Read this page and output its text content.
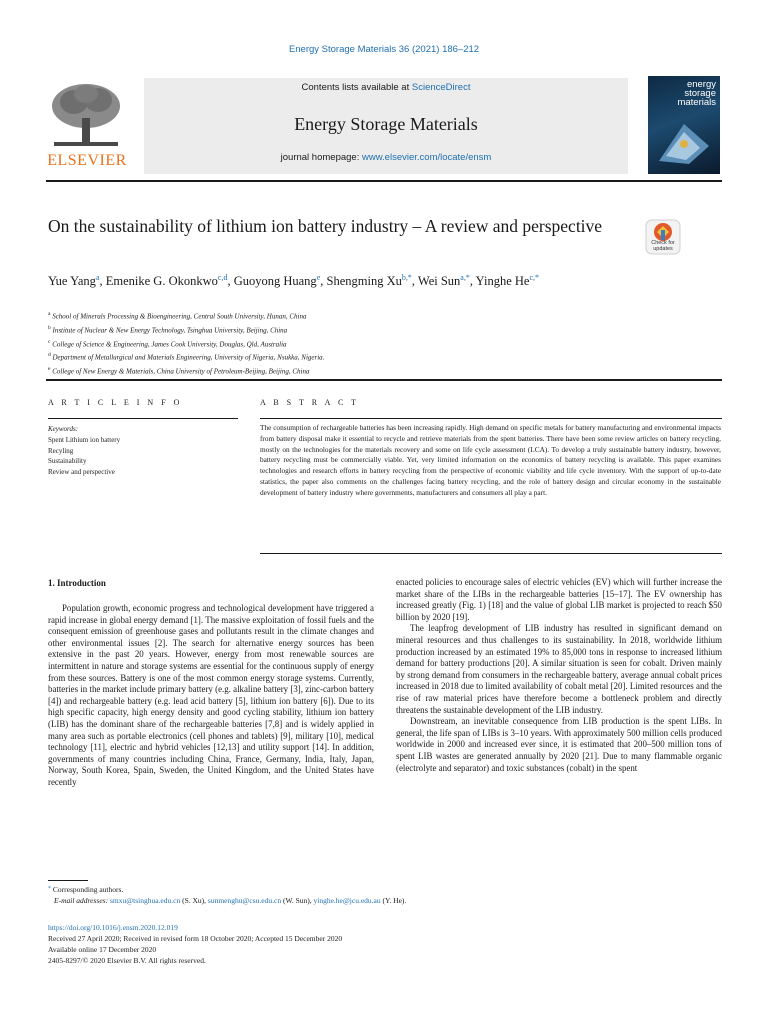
Energy Storage Materials 36 (2021) 186–212
ELSEVIER
Contents lists available at ScienceDirect
Energy Storage Materials
journal homepage: www.elsevier.com/locate/ensm
energy
storage
materials
On the sustainability of lithium ion battery industry – A review and perspective
Check for
updates
Yue Yang$^a$, Emenike G. Okonkwo$^{c,d}$, Guoyong Huang$^e$, Shengming $Xu^{b,*}$, Wei Sun$^{a,*}$, Yinghe $He^{c,*}$
$^a$ School of Minerals Processing & Bioengineering, Central South University, Hunan, China
$^b$ Institute of Nuclear & New Energy Technology, Tsinghua University, Beijing, China
$^c$ College of Science & Engineering, James Cook University, Douglas, Qld, Australia
$^d$ Department of Metallurgical and Materials Engineering, University of Nigeria, Nsukka, Nigeria.
$^e$ College of New Energy & Materials, China University of Petroleum-Beijing, Beijing, China
A R T I C L E I N F O
Keywords:
Spent Lithium ion battery
Recyling
Sustainability
Review and perspective
A B S T R A C T
The consumption of rechargeable batteries has been increasing rapidly. High demand on specific metals for battery manufacturing and environmental impacts from battery disposal make it essential to recycle and retrieve materials from the spent batteries. There have been some review articles on battery recycling, mostly on the technologies for the materials recovery and some on life cycle assessment (LCA). To develop a truly sustainable battery industry, however, battery recycling must be commercially viable. Yet, very limited information on the economics of battery recycling is available. This paper examines technologies and research efforts in battery recycling from the perspective of economic viability and life cycle inventory. With the support of up-to-date statistics, the paper also comments on the challenges facing battery recycling, and the role of battery design and circular economy in the sustainable development of battery industry where governments, manufacturers and consumers all play a part.
1. Introduction

Population growth, economic progress and technological development have triggered a rapid increase in global energy demand [1]. The massive exploitation of fossil fuels and the consequent emission of greenhouse gases and pollutants result in the climate changes and other environmental issues [2]. The search for alternative energy sources has been extensive in the past 20 years. However, energy from most renewable sources are intermittent in nature and storage systems are essential for the continuous supply of energy from these sources. Battery is one of the most common energy storage systems. Currently, batteries in the market include primary battery (e.g. alkaline battery [3], zinc-carbon battery [4]) and rechargeable battery (e.g. lead acid battery [5], lithium ion battery [6]). Due to its high specific capacity, high energy density and good cycling stability, lithium ion battery (LIB) has the dominant share of the rechargeable batteries [7,8] and is widely applied in many area such as portable electronics (cell phones and tablets) [9], military [10], medical technology [11], electric and hybrid vehicles [12,13] and utility support [14]. In addition, governments of many countries including China, France, Germany, India, Italy, Japan, Norway, South Korea, Spain, Sweden, the United Kingdom, and the United States have recently

enacted policies to encourage sales of electric vehicles (EV) which will further increase the market share of the LIBs in the rechargeable batteries [15–17]. The EV ownership has increased greatly (Fig. 1) [18] and the value of global LIB market is projected to reach $50 billion by 2020 [19].

The leapfrog development of LIB industry has resulted in significant demand on mineral resources and thus challenges to its sustainability. In 2018, worldwide lithium production increased by an estimated 19% to 85,000 tons in response to increased lithium demand for battery productions [20]. A similar situation is seen for cobalt. Driven mainly by strong demand from consumers in the rechargeable battery, average annual cobalt prices increased in 2018 due to limited availability of cobalt metal [20]. Limited resources and the rise of raw material prices have therefore become a bottleneck problem and directly threatens the sustainable development of the LIB industry.

Downstream, an inevitable consequence from LIB production is the spent LIBs. In general, the life span of LIBs is 3–10 years. With approximately 500 million cells produced worldwide in 2000 and increased ever since, it is estimated that 200–500 million tons of spent LIB wastes are generated annually by 2020 [21]. Due to many flammable organic (electrolyte and separator) and toxic substances (cobalt) in the spent

* Corresponding authors.
E-mail addresses: smxu@tsinghua.edu.cn (S. Xu), sunmenghu@csu.edu.cn (W. Sun), yinghe.he@jcu.edu.au (Y. He).
https://doi.org/10.1016/j.ensm.2020.12.019
Received 27 April 2020; Received in revised form 18 October 2020; Accepted 15 December 2020
Available online 17 December 2020
2405-8297/© 2020 Elsevier B.V. All rights reserved.
